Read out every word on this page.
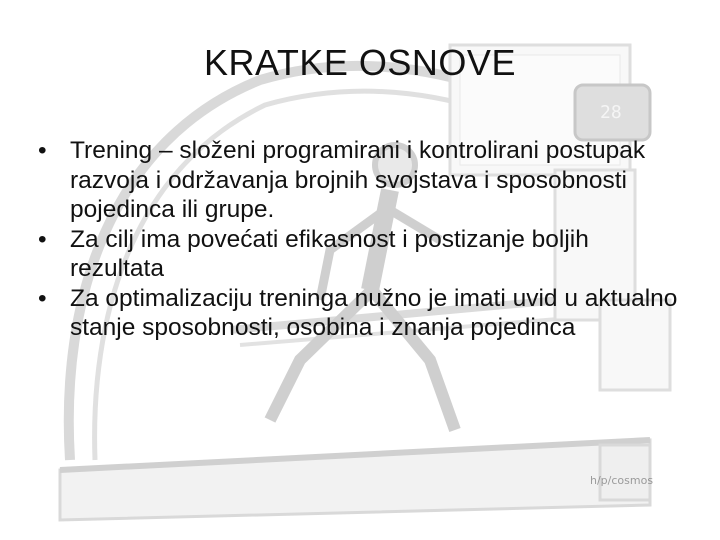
28
h/p/cosmos
KRATKE OSNOVE
• Trening – složeni programirani i kontrolirani postupak razvoja i održavanja brojnih svojstava i sposobnosti pojedinca ili grupe.
• Za cilj ima povećati efikasnost i postizanje boljih rezultata
• Za optimalizaciju treninga nužno je imati uvid u aktualno stanje sposobnosti, osobina i znanja pojedinca
